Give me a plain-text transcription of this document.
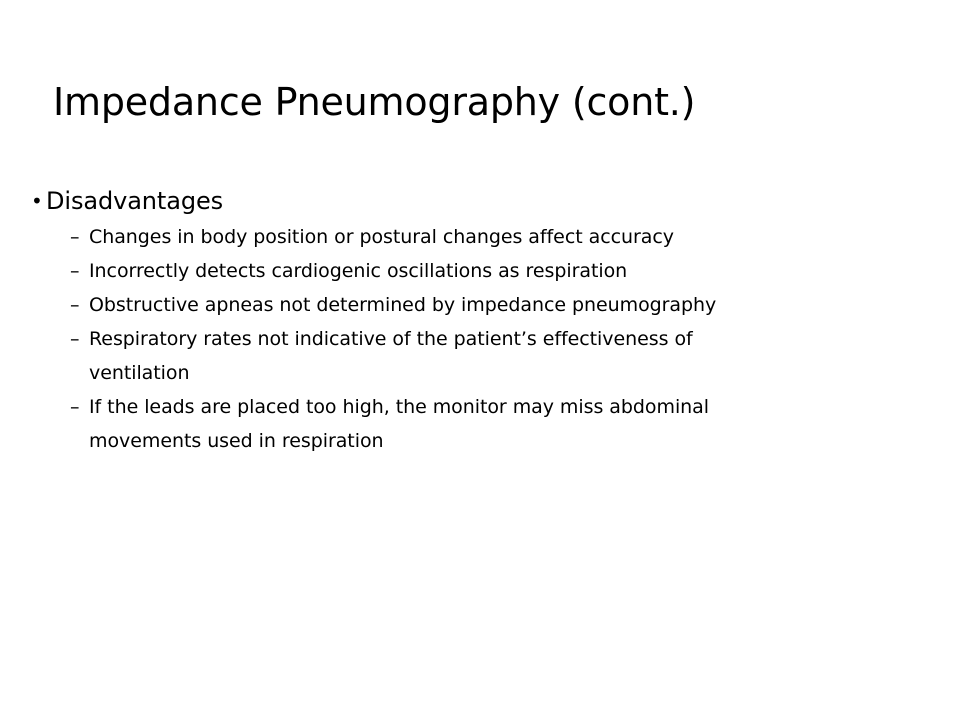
Impedance Pneumography (cont.)
• Disadvantages
– Changes in body position or postural changes affect accuracy
– Incorrectly detects cardiogenic oscillations as respiration
– Obstructive apneas not determined by impedance pneumography
– Respiratory rates not indicative of the patient’s effectiveness of ventilation
– If the leads are placed too high, the monitor may miss abdominal movements used in respiration
